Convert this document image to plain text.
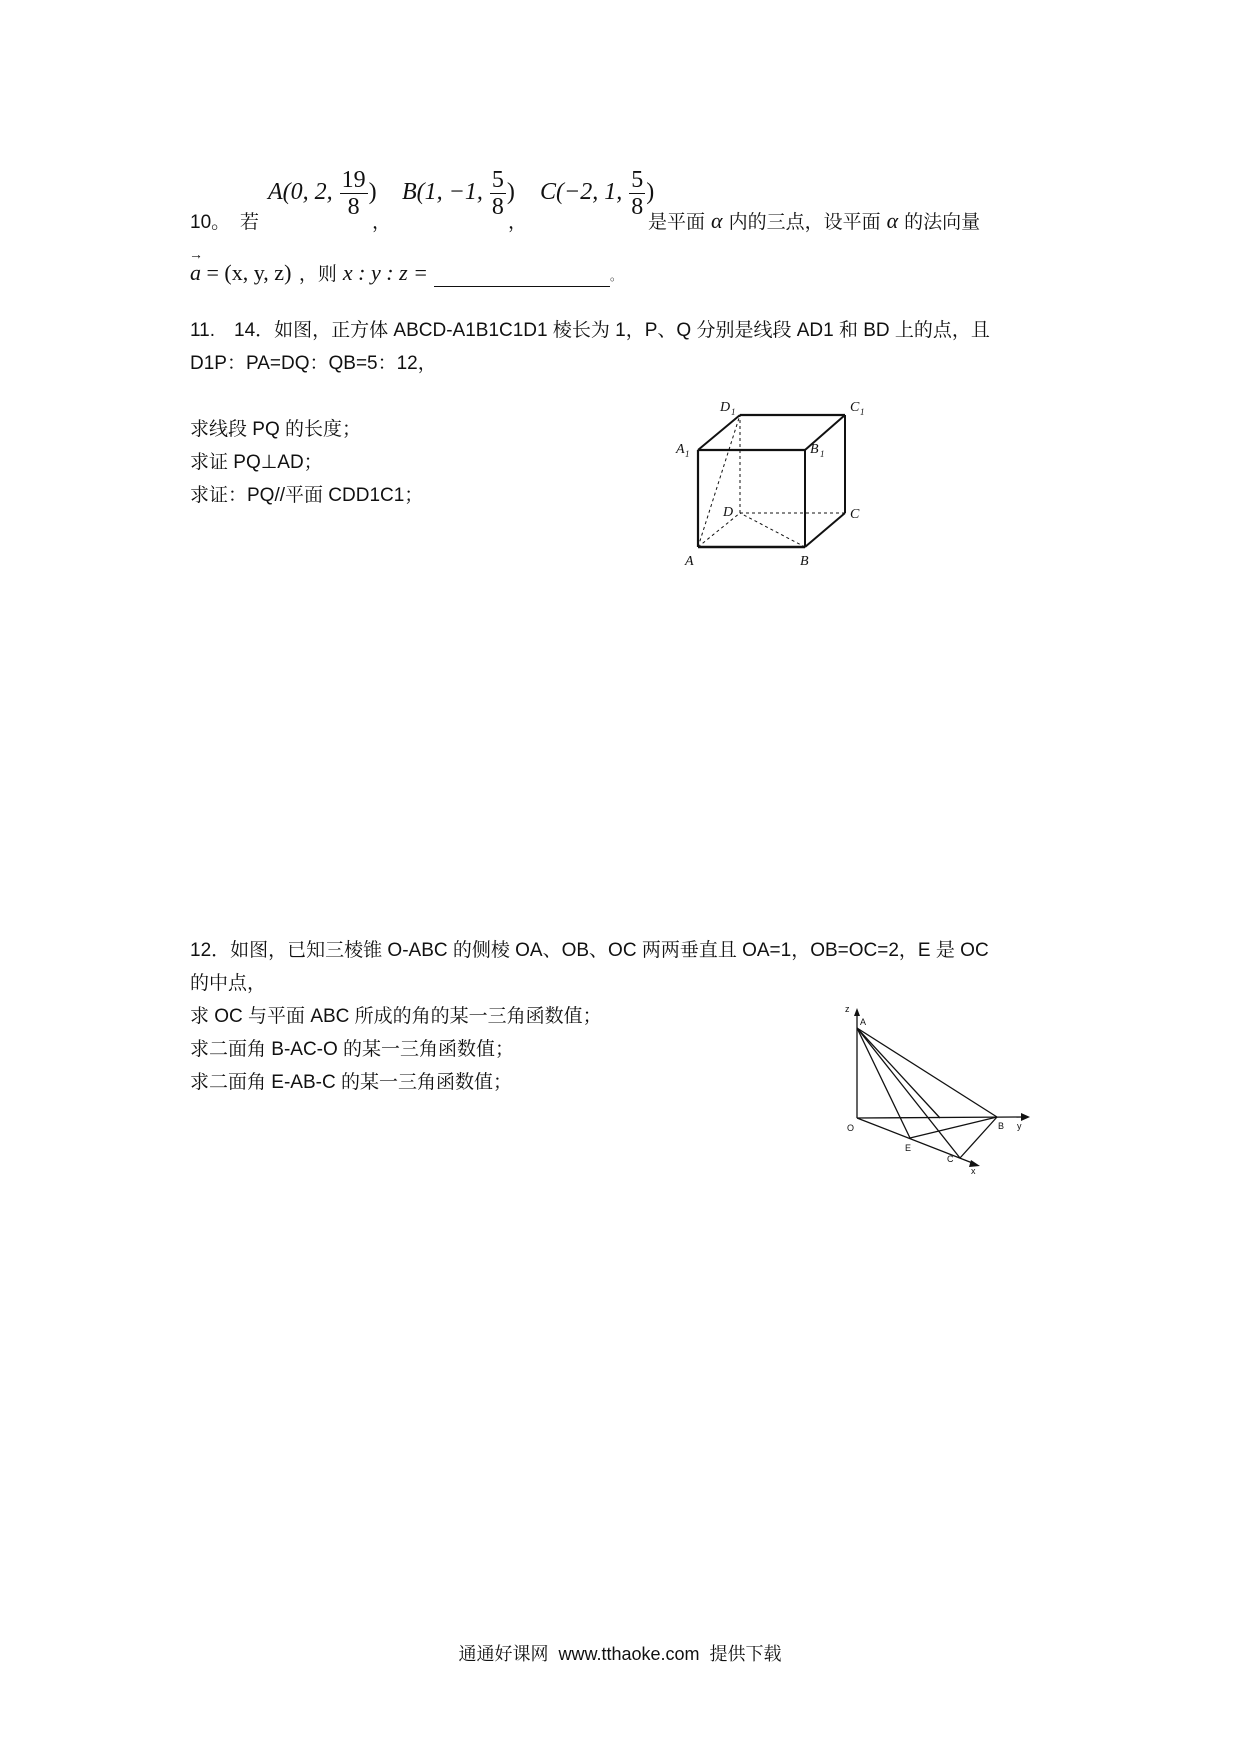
10。 若
A(0, 2, $\frac{19}{8}$ )
，
B(1, −1, $\frac{5}{8}$ )
，
C(−2, 1, $\frac{5}{8}$ )
是平面 α 内的三点，设平面 α 的法向量
→
a = (x, y, z) ，则 x : y : z =	。
11.　14．如图，正方体 ABCD-A1B1C1D1 棱长为 1，P、Q 分别是线段 AD1 和 BD 上的点，且
D1P：PA=DQ：QB=5：12，
求线段 PQ 的长度；
求证 PQ⊥AD；
求证：PQ//平面 CDD1C1；
A	B
C
D
A 1	B 1
C 1
D 1
12．如图，已知三棱锥 O-ABC 的侧棱 OA、OB、OC 两两垂直且 OA=1，OB=OC=2，E 是 OC
的中点，
求 OC 与平面 ABC 所成的角的某一三角函数值；
求二面角 B-AC-O 的某一三角函数值；
求二面角 E-AB-C 的某一三角函数值；
z
A
O
E
C
x
B y
通通好课网  www.tthaoke.com  提供下载
